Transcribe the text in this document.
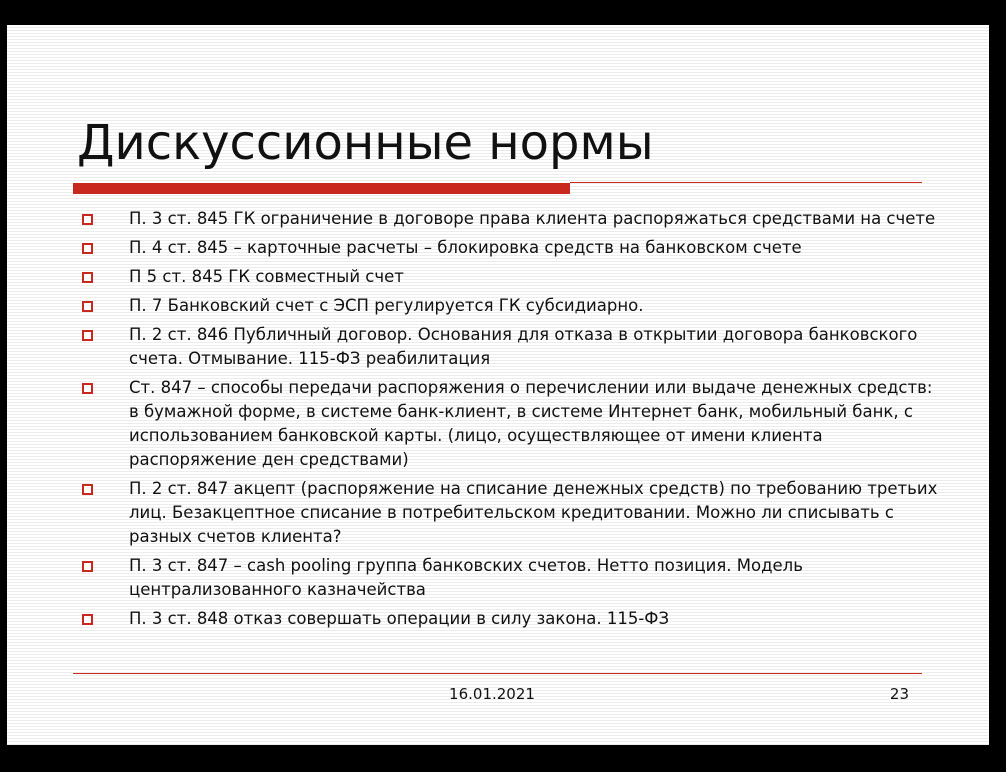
Дискуссионные нормы
П. 3 ст. 845 ГК ограничение в договоре права клиента распоряжаться средствами на счете
П. 4 ст. 845 – карточные расчеты – блокировка средств на банковском счете
П 5 ст. 845 ГК совместный счет
П. 7 Банковский счет с ЭСП регулируется ГК субсидиарно.
П. 2 ст. 846 Публичный договор. Основания для отказа в открытии договора банковского счета. Отмывание. 115-ФЗ реабилитация
Ст. 847 – способы передачи распоряжения о перечислении или выдаче денежных средств: в бумажной форме, в системе банк-клиент, в системе Интернет банк, мобильный банк, с использованием банковской карты. (лицо, осуществляющее от имени клиента распоряжение ден средствами)
П. 2 ст. 847 акцепт (распоряжение на списание денежных средств) по требованию третьих лиц. Безакцептное списание в потребительском кредитовании. Можно ли списывать с разных счетов клиента?
П. 3 ст. 847 – cash pooling группа банковских счетов. Нетто позиция. Модель централизованного казначейства
П. 3 ст. 848 отказ совершать операции в силу закона. 115-ФЗ
16.01.2021	23
